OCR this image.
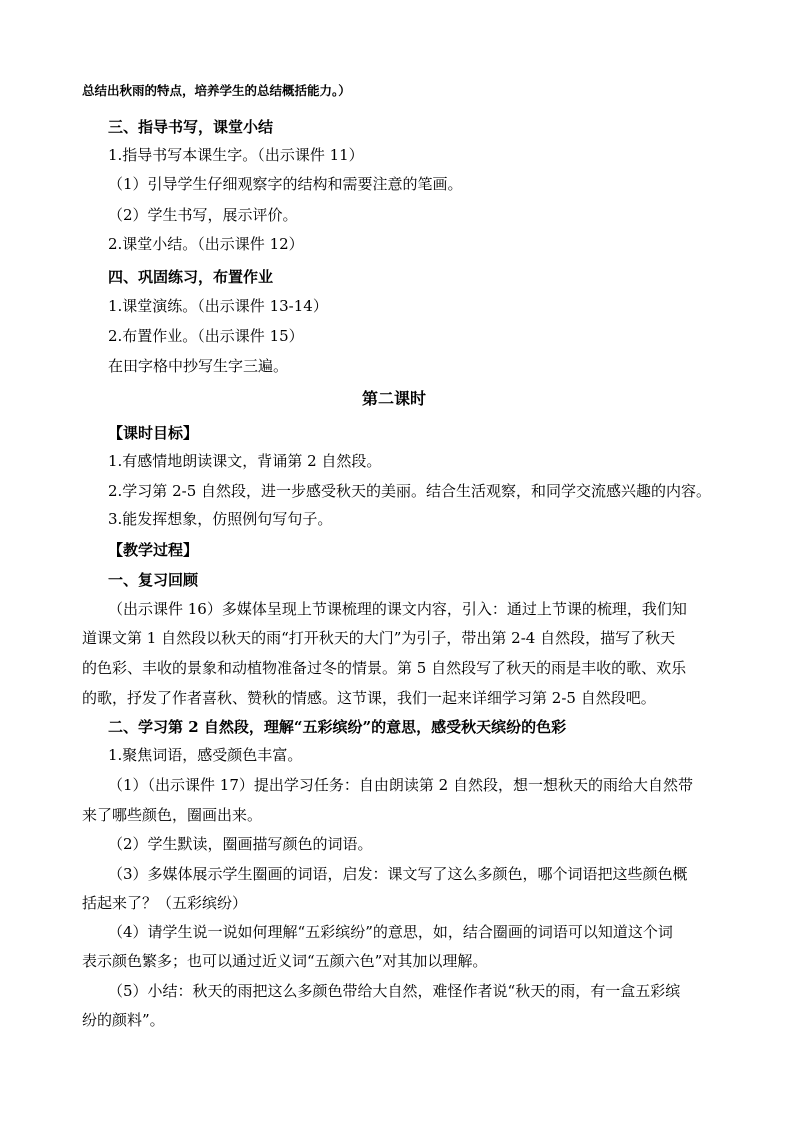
总结出秋雨的特点，培养学生的总结概括能力。）
三、指导书写，课堂小结
1.指导书写本课生字。（出示课件 11）
（1）引导学生仔细观察字的结构和需要注意的笔画。
（2）学生书写，展示评价。
2.课堂小结。（出示课件 12）
四、巩固练习，布置作业
1.课堂演练。（出示课件 13-14）
2.布置作业。（出示课件 15）
在田字格中抄写生字三遍。
第二课时
【课时目标】
1.有感情地朗读课文，背诵第 2 自然段。
2.学习第 2-5 自然段，进一步感受秋天的美丽。结合生活观察，和同学交流感兴趣的内容。
3.能发挥想象，仿照例句写句子。
【教学过程】
一、复习回顾
（出示课件 16）多媒体呈现上节课梳理的课文内容，引入：通过上节课的梳理，我们知
道课文第 1 自然段以秋天的雨“打开秋天的大门”为引子，带出第 2-4 自然段，描写了秋天
的色彩、丰收的景象和动植物准备过冬的情景。第 5 自然段写了秋天的雨是丰收的歌、欢乐
的歌，抒发了作者喜秋、赞秋的情感。这节课，我们一起来详细学习第 2-5 自然段吧。
二、学习第 2 自然段，理解“五彩缤纷”的意思，感受秋天缤纷的色彩
1.聚焦词语，感受颜色丰富。
（1）（出示课件 17）提出学习任务：自由朗读第 2 自然段，想一想秋天的雨给大自然带
来了哪些颜色，圈画出来。
（2）学生默读，圈画描写颜色的词语。
（3）多媒体展示学生圈画的词语，启发：课文写了这么多颜色，哪个词语把这些颜色概
括起来了？（五彩缤纷）
（4）请学生说一说如何理解“五彩缤纷”的意思，如，结合圈画的词语可以知道这个词
表示颜色繁多；也可以通过近义词“五颜六色”对其加以理解。
（5）小结：秋天的雨把这么多颜色带给大自然，难怪作者说“秋天的雨，有一盒五彩缤
纷的颜料”。
